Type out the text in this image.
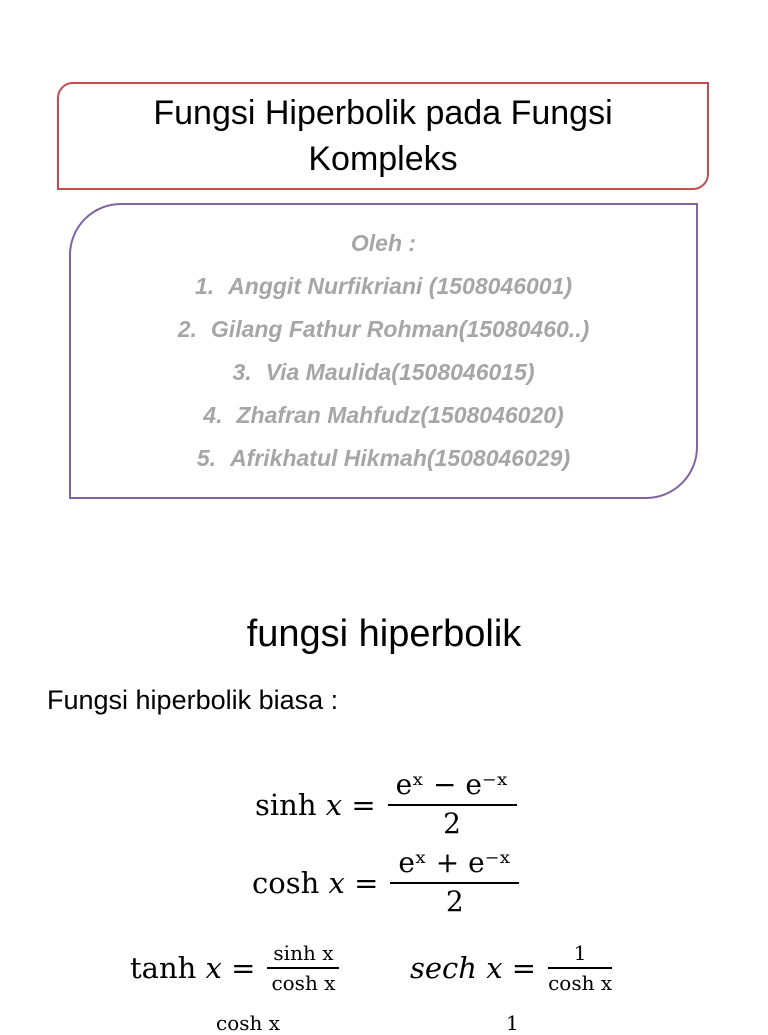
Fungsi Hiperbolik pada Fungsi
Kompleks
Oleh :
1. Anggit Nurfikriani (1508046001)
2. Gilang Fathur Rohman(15080460..)
3. Via Maulida(1508046015)
4. Zhafran Mahfudz(1508046020)
5. Afrikhatul Hikmah(1508046029)
fungsi hiperbolik
Fungsi hiperbolik biasa :
$\sinh x = \frac{\text{eˣ − e⁻ˣ}}{2}$
$\cosh x = \frac{\text{eˣ + e⁻ˣ}}{2}$
$\tanh x = \frac{\text{sinh x}}{\text{cosh x}}$ sech $x = \frac{1}{\text{cosh x}}$
cosh x	1
